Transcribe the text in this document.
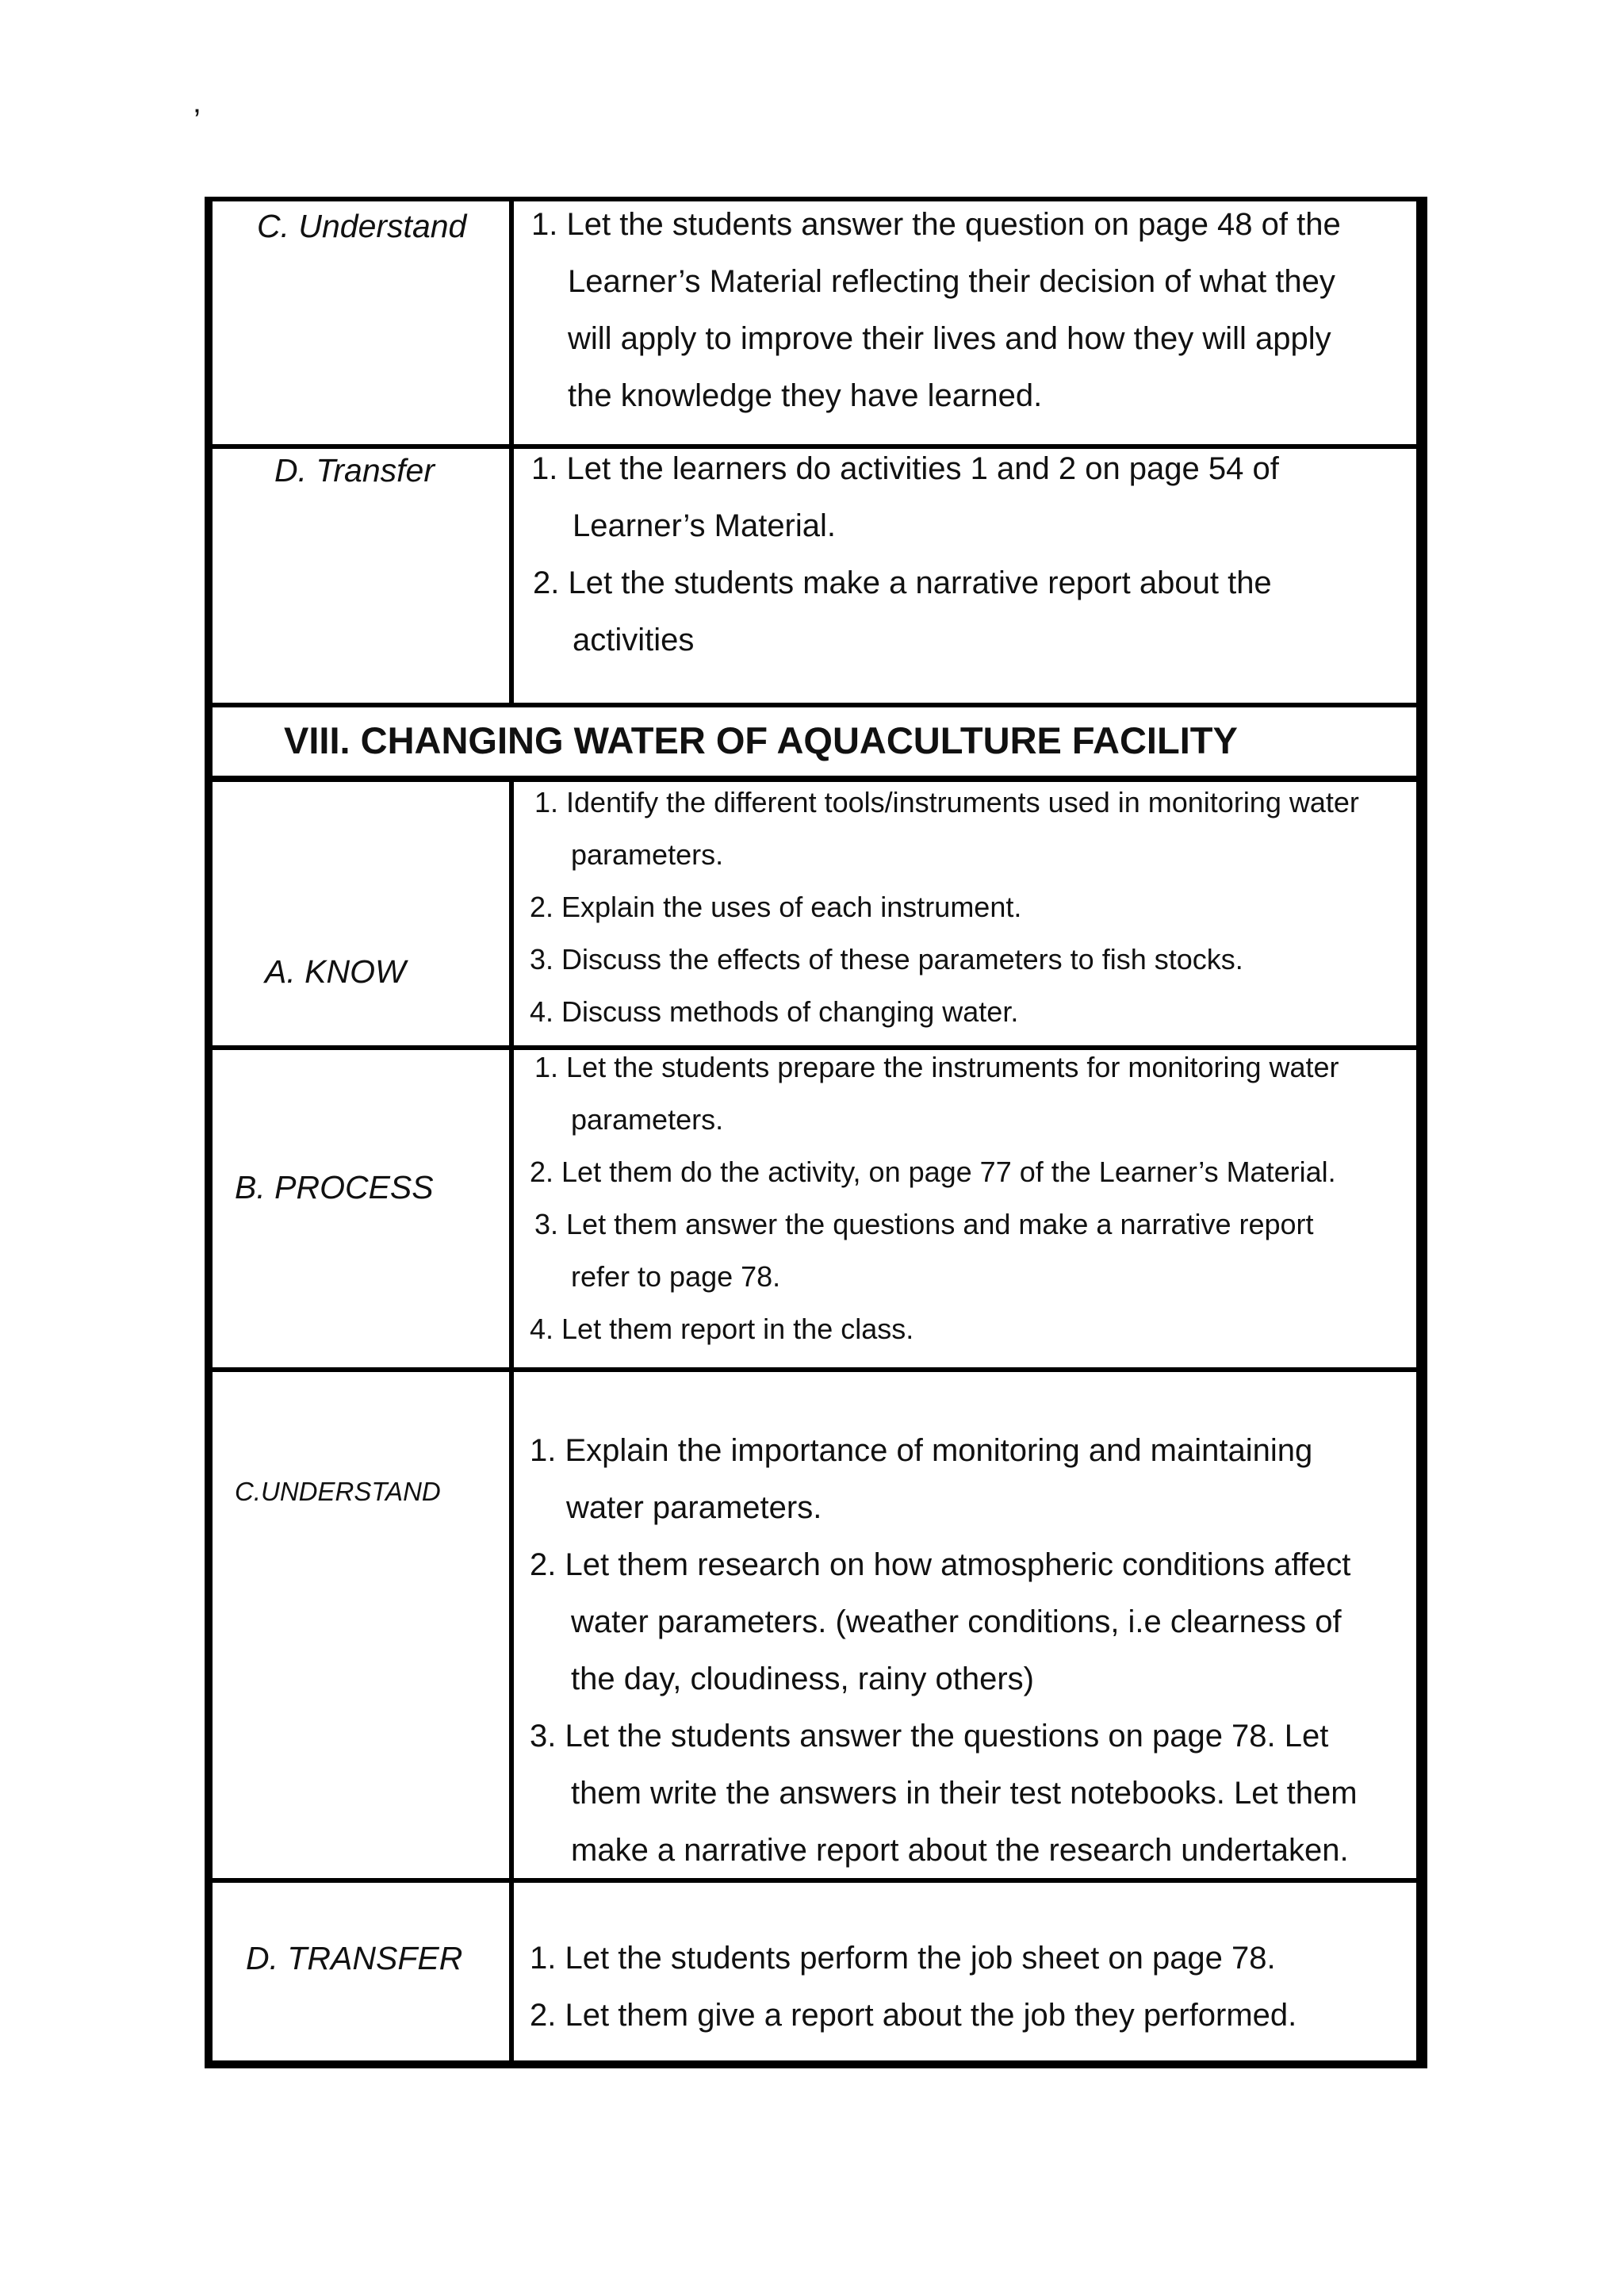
’
C. Understand 1. Let the students answer the question on page 48 of the
Learner’s Material reflecting their decision of what they
will apply to improve their lives and how they will apply
the knowledge they have learned.
D. Transfer	1. Let the learners do activities 1 and 2 on page 54 of
Learner’s Material.
2. Let the students make a narrative report about the
activities
VIII. CHANGING WATER OF AQUACULTURE FACILITY
A. KNOW
1. Identify the different tools/instruments used in monitoring water
parameters.
2. Explain the uses of each instrument.
3. Discuss the effects of these parameters to fish stocks.
4. Discuss methods of changing water.
B. PROCESS
1. Let the students prepare the instruments for monitoring water
parameters.
2. Let them do the activity, on page 77 of the Learner’s Material.
3. Let them answer the questions and make a narrative report
refer to page 78.
4. Let them report in the class.
C.UNDERSTAND
1. Explain the importance of monitoring and maintaining
water parameters.
2. Let them research on how atmospheric conditions affect
water parameters. (weather conditions, i.e clearness of
the day, cloudiness, rainy others)
3. Let the students answer the questions on page 78. Let
them write the answers in their test notebooks. Let them
make a narrative report about the research undertaken.
D. TRANSFER 1. Let the students perform the job sheet on page 78.
2. Let them give a report about the job they performed.
